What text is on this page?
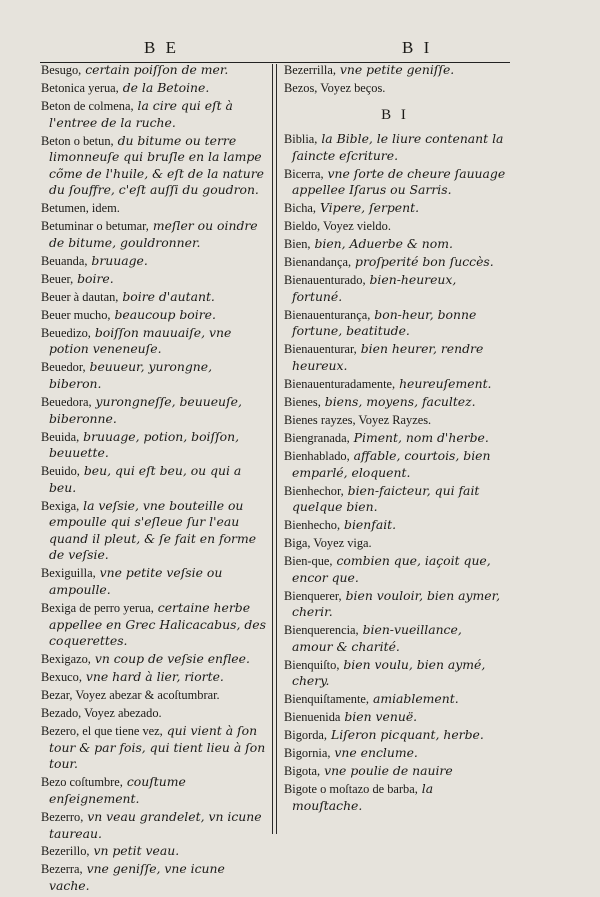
B E	B I
Besugo, certain poiſſon de mer.
Betonica yerua, de la Betoine.
Beton de colmena, la cire qui eſt à l'entree de la ruche.
Beton o betun, du bitume ou terre limonneuſe qui bruſle en la lampe cõme de l'huile, & eſt de la nature du ſouffre, c'eſt auſſi du goudron.
Betumen, idem.
Betuminar o betumar, meſler ou oindre de bitume, gouldronner.
Beuanda, bruuage.
Beuer, boire.
Beuer à dautan, boire d'autant.
Beuer mucho, beaucoup boire.
Beuedizo, boiſſon mauuaiſe, vne potion veneneuſe.
Beuedor, beuueur, yurongne, biberon.
Beuedora, yurongneſſe, beuueuſe, biberonne.
Beuida, bruuage, potion, boiſſon, beuuette.
Beuido, beu, qui eſt beu, ou qui a beu.
Bexiga, la veſsie, vne bouteille ou empoulle qui s'eſleue ſur l'eau quand il pleut, & ſe fait en forme de veſsie.
Bexiguilla, vne petite veſsie ou ampoulle.
Bexiga de perro yerua, certaine herbe appellee en Grec Halicacabus, des coquerettes.
Bexigazo, vn coup de veſsie enflee.
Bexuco, vne hard à lier, riorte.
Bezar, Voyez abezar & acoſtumbrar.
Bezado, Voyez abezado.
Bezero, el que tiene vez, qui vient à ſon tour & par fois, qui tient lieu à ſon tour.
Bezo coſtumbre, couſtume enſeignement.
Bezerro, vn veau grandelet, vn icune taureau.
Bezerillo, vn petit veau.
Bezerra, vne geniſſe, vne icune vache.
Bezerrilla, vne petite geniſſe.
Bezos, Voyez beços.
B I
Biblia, la Bible, le liure contenant la ſaincte eſcriture.
Bicerra, vne ſorte de cheure ſauuage appellee Iſarus ou Sarris.
Bicha, Vipere, ſerpent.
Bieldo, Voyez vieldo.
Bien, bien, Aduerbe & nom.
Bienandança, proſperité bon ſuccès.
Bienauenturado, bien-heureux, fortuné.
Bienauenturança, bon-heur, bonne fortune, beatitude.
Bienauenturar, bien heurer, rendre heureux.
Bienauenturadamente, heureuſement.
Bienes, biens, moyens, facultez.
Bienes rayzes, Voyez Rayzes.
Biengranada, Piment, nom d'herbe.
Bienhablado, affable, courtois, bien emparlé, eloquent.
Bienhechor, bien-faicteur, qui fait quelque bien.
Bienhecho, bienfait.
Biga, Voyez viga.
Bien-que, combien que, iaçoit que, encor que.
Bienquerer, bien vouloir, bien aymer, cherir.
Bienquerencia, bien-vueillance, amour & charité.
Bienquiſto, bien voulu, bien aymé, chery.
Bienquiſtamente, amiablement.
Bienuenida bien venuë.
Bigorda, Liſeron picquant, herbe.
Bigornia, vne enclume.
Bigota, vne poulie de nauire
Bigote o moſtazo de barba, la mouſtache.
